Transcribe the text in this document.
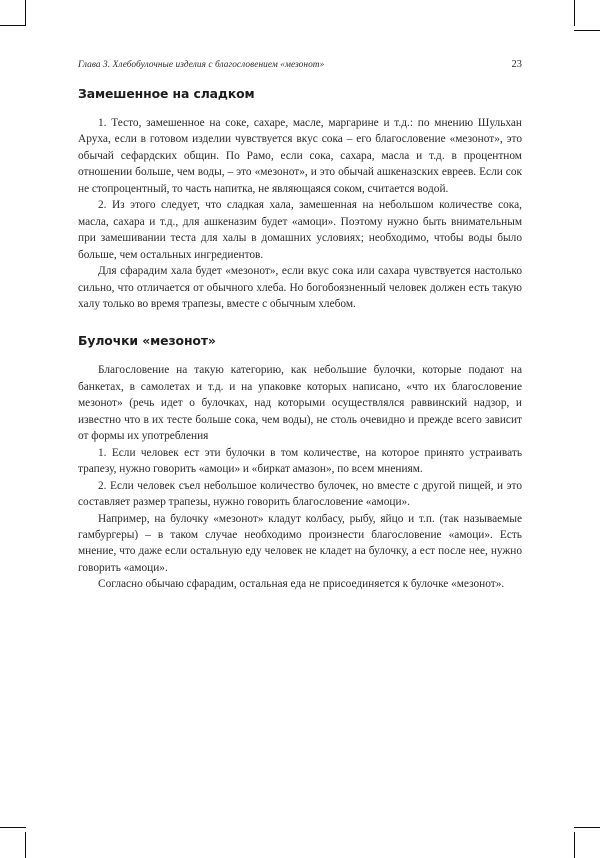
Глава 3. Хлебобулочные изделия с благословением «мезонот»	23
Замешенное на сладком

1. Тесто, замешенное на соке, сахаре, масле, маргарине и т.д.: по мнению Шульхан Аруха, если в готовом изделии чувствуется вкус сока – его благословение «мезонот», это обычай сефардских общин. По Рамо, если сока, сахара, масла и т.д. в процентном отношении больше, чем воды, – это «мезонот», и это обычай ашкеназских евреев. Если сок не стопроцентный, то часть напитка, не являющаяся соком, считается водой.

2. Из этого следует, что сладкая хала, замешенная на небольшом количестве сока, масла, сахара и т.д., для ашкеназим будет «амоци». Поэтому нужно быть внимательным при замешивании теста для халы в домашних условиях; необходимо, чтобы воды было больше, чем остальных ингредиентов.

Для сфарадим хала будет «мезонот», если вкус сока или сахара чувствуется настолько сильно, что отличается от обычного хлеба. Но богобоязненный человек должен есть такую халу только во время трапезы, вместе с обычным хлебом.

Булочки «мезонот»

Благословение на такую категорию, как небольшие булочки, которые подают на банкетах, в самолетах и т.д. и на упаковке которых написано, «что их благословение мезонот» (речь идет о булочках, над которыми осуществлялся раввинский надзор, и известно что в их тесте больше сока, чем воды), не столь очевидно и прежде всего зависит от формы их употребления

1. Если человек ест эти булочки в том количестве, на которое принято устраивать трапезу, нужно говорить «амоци» и «биркат амазон», по всем мнениям.

2. Если человек съел небольшое количество булочек, но вместе с другой пищей, и это составляет размер трапезы, нужно говорить благословение «амоци».

Например, на булочку «мезонот» кладут колбасу, рыбу, яйцо и т.п. (так называемые гамбургеры) – в таком случае необходимо произнести благословение «амоци». Есть мнение, что даже если остальную еду человек не кладет на булочку, а ест после нее, нужно говорить «амоци».

Согласно обычаю сфарадим, остальная еда не присоединяется к булочке «мезонот».
